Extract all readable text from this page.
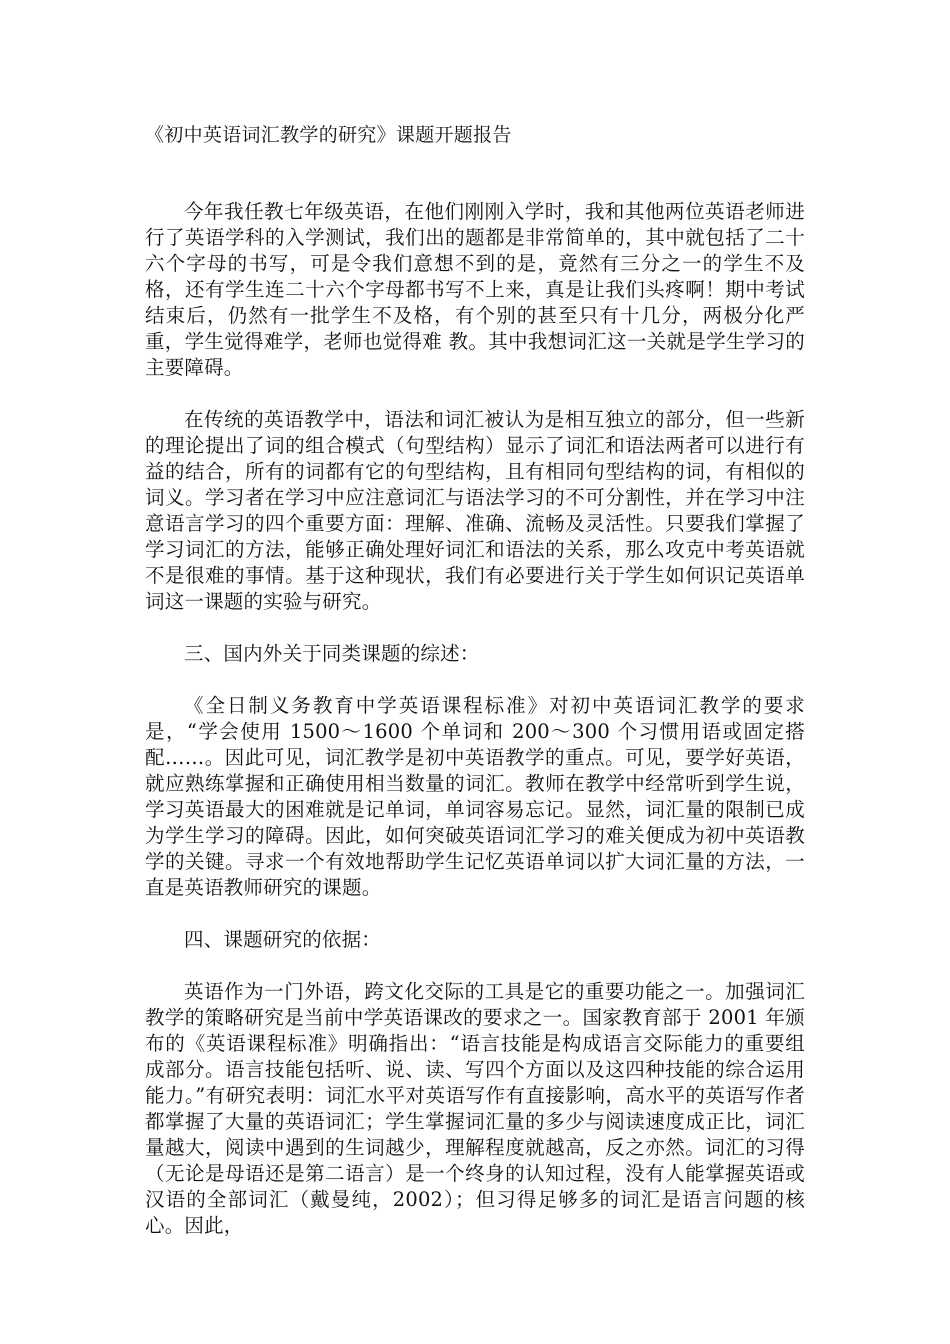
《初中英语词汇教学的研究》课题开题报告

今年我任教七年级英语，在他们刚刚入学时，我和其他两位英语老师进行了英语学科的入学测试，我们出的题都是非常简单的，其中就包括了二十六个字母的书写，可是令我们意想不到的是，竟然有三分之一的学生不及格，还有学生连二十六个字母都书写不上来，真是让我们头疼啊！期中考试结束后，仍然有一批学生不及格，有个别的甚至只有十几分，两极分化严重，学生觉得难学，老师也觉得难 教。其中我想词汇这一关就是学生学习的主要障碍。

在传统的英语教学中，语法和词汇被认为是相互独立的部分，但一些新的理论提出了词的组合模式（句型结构）显示了词汇和语法两者可以进行有益的结合，所有的词都有它的句型结构，且有相同句型结构的词，有相似的词义。学习者在学习中应注意词汇与语法学习的不可分割性，并在学习中注意语言学习的四个重要方面：理解、准确、流畅及灵活性。只要我们掌握了学习词汇的方法，能够正确处理好词汇和语法的关系，那么攻克中考英语就不是很难的事情。基于这种现状，我们有必要进行关于学生如何识记英语单词这一课题的实验与研究。

三、国内外关于同类课题的综述：

《全日制义务教育中学英语课程标准》对初中英语词汇教学的要求是，“学会使用 1500～1600 个单词和 200～300 个习惯用语或固定搭配……。因此可见，词汇教学是初中英语教学的重点。可见，要学好英语，就应熟练掌握和正确使用相当数量的词汇。教师在教学中经常听到学生说，学习英语最大的困难就是记单词，单词容易忘记。显然，词汇量的限制已成为学生学习的障碍。因此，如何突破英语词汇学习的难关便成为初中英语教学的关键。寻求一个有效地帮助学生记忆英语单词以扩大词汇量的方法，一直是英语教师研究的课题。

四、课题研究的依据：

英语作为一门外语，跨文化交际的工具是它的重要功能之一。加强词汇教学的策略研究是当前中学英语课改的要求之一。国家教育部于 2001 年颁布的《英语课程标准》明确指出：“语言技能是构成语言交际能力的重要组成部分。语言技能包括听、说、读、写四个方面以及这四种技能的综合运用能力。”有研究表明：词汇水平对英语写作有直接影响，高水平的英语写作者都掌握了大量的英语词汇；学生掌握词汇量的多少与阅读速度成正比，词汇量越大，阅读中遇到的生词越少，理解程度就越高，反之亦然。词汇的习得（无论是母语还是第二语言）是一个终身的认知过程，没有人能掌握英语或汉语的全部词汇（戴曼纯，2002）；但习得足够多的词汇是语言问题的核心。因此，
